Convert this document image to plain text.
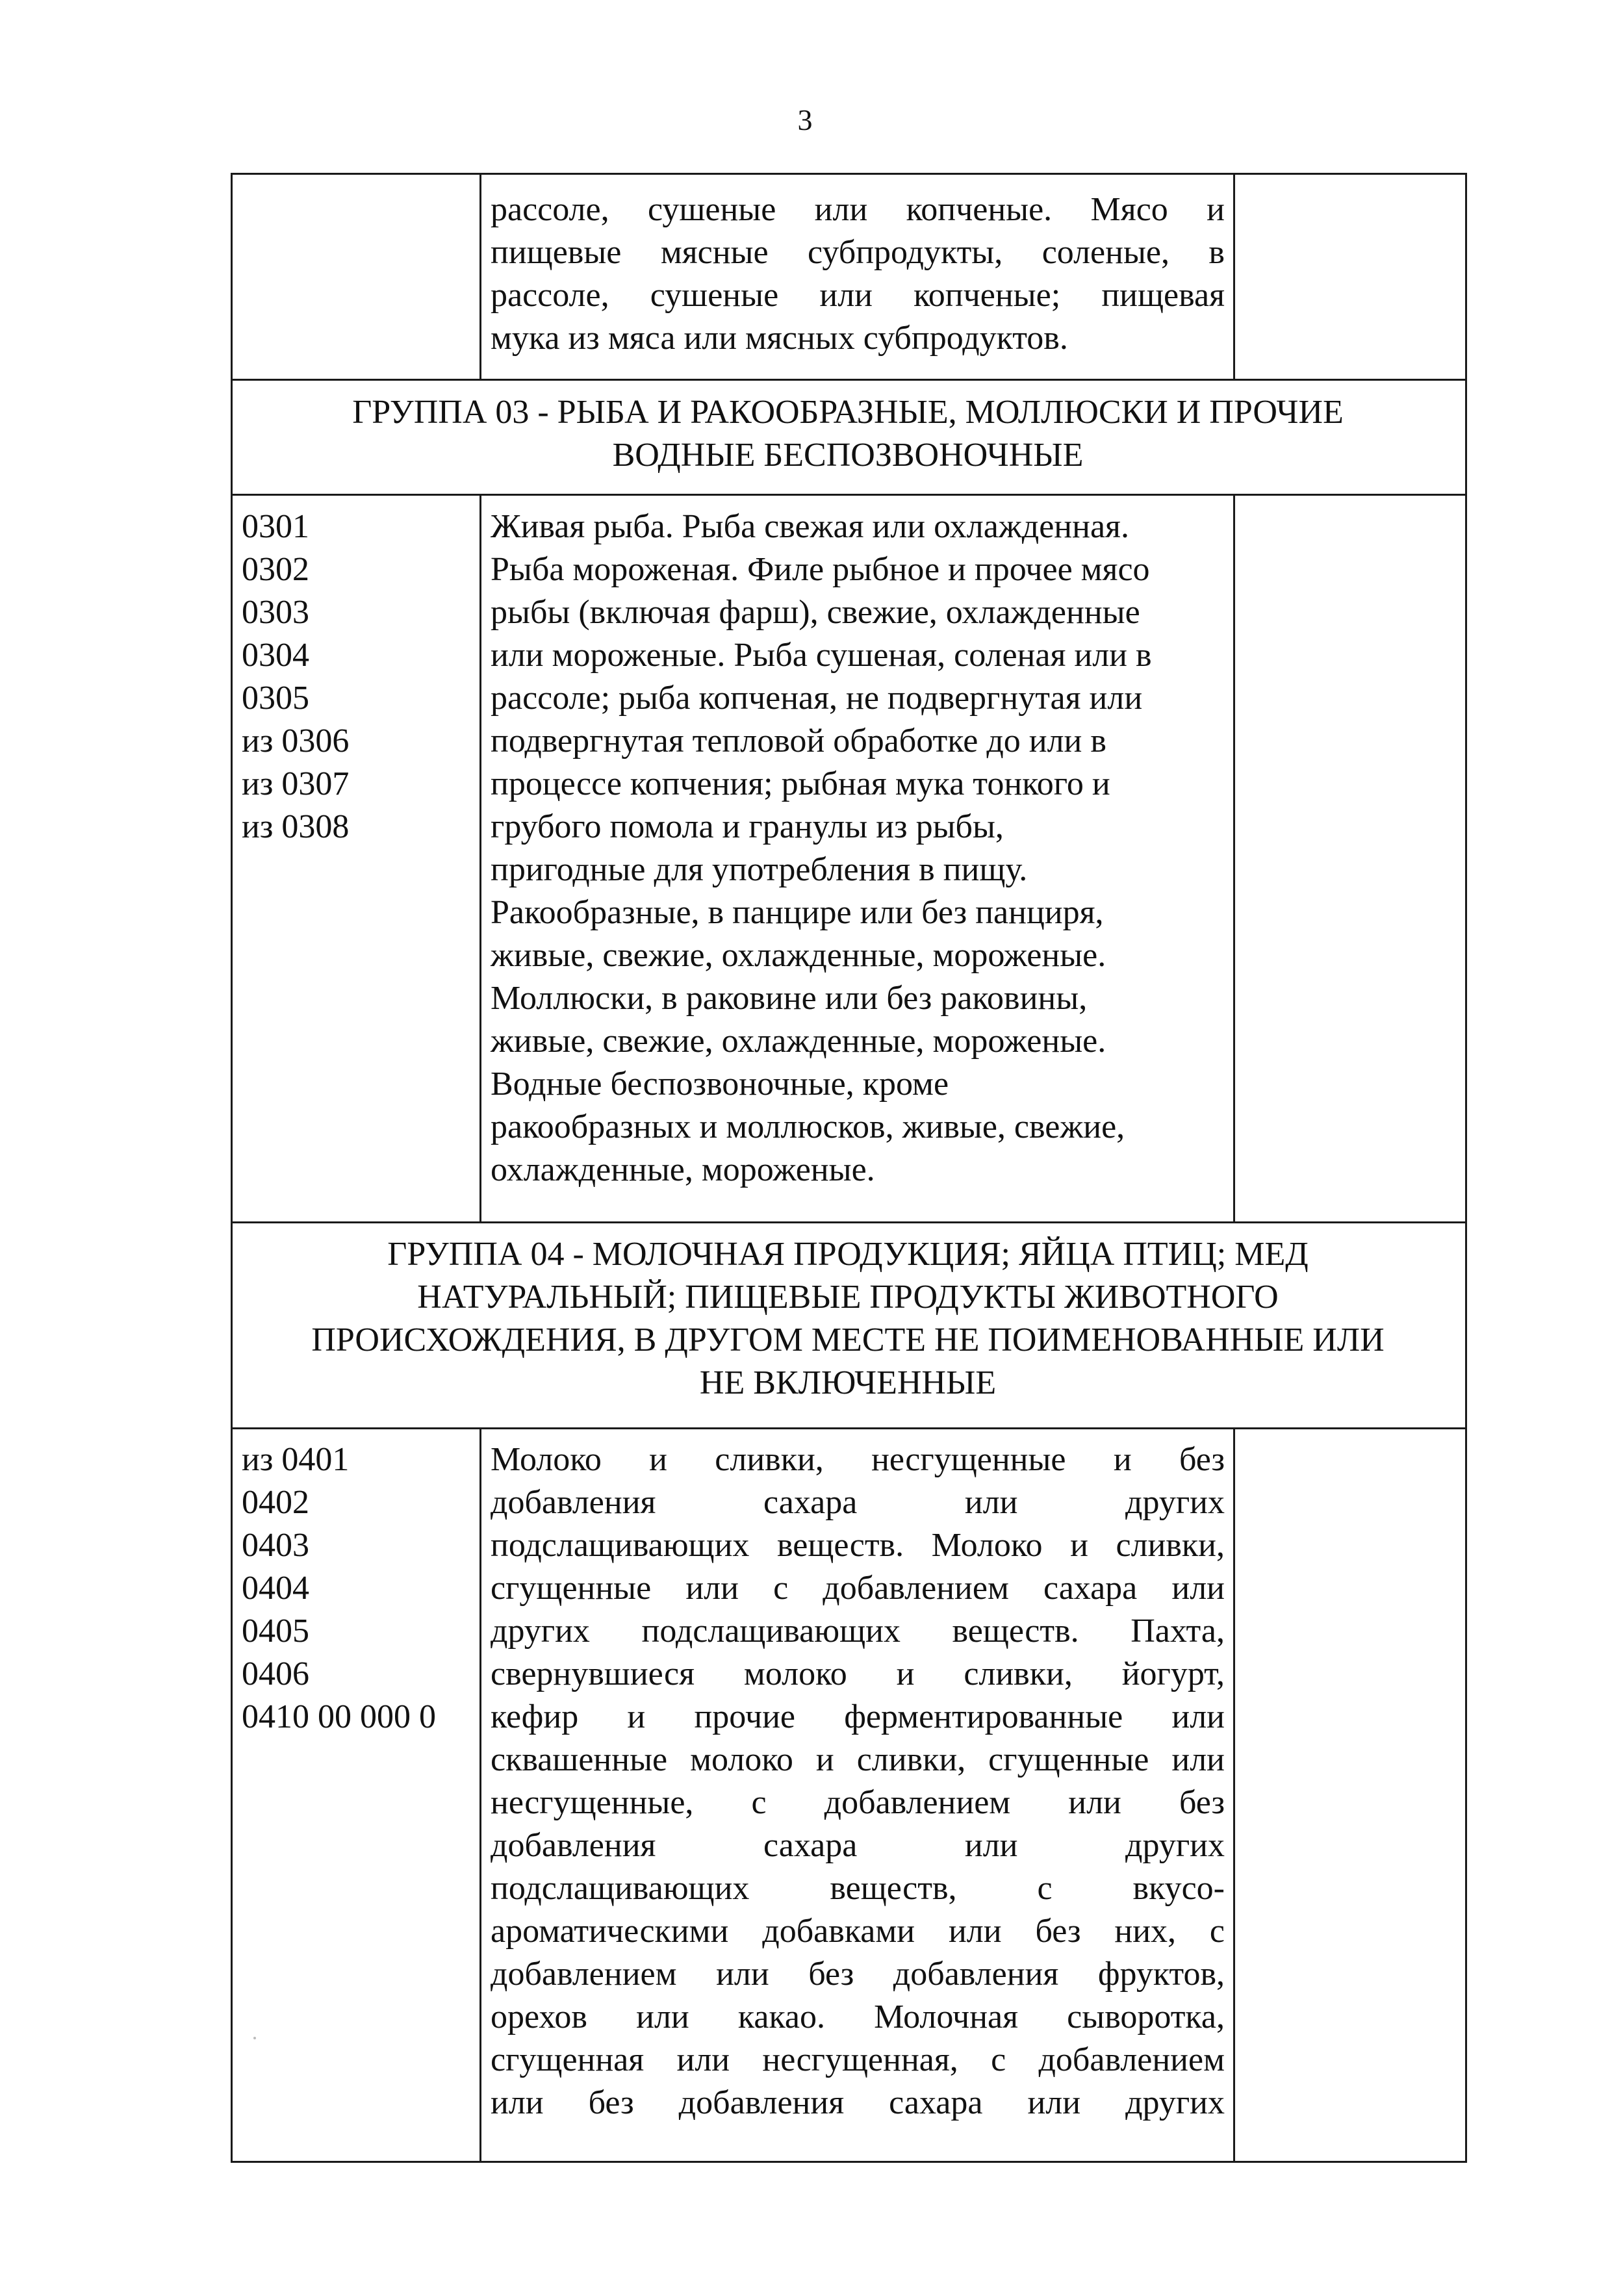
3
рассоле, сушеные или копченые. Мясо и
пищевые мясные субпродукты, соленые, в
рассоле, сушеные или копченые; пищевая
мука из мяса или мясных субпродуктов.
ГРУППА 03 - РЫБА И РАКООБРАЗНЫЕ, МОЛЛЮСКИ И ПРОЧИЕ
ВОДНЫЕ БЕСПОЗВОНОЧНЫЕ
0301
0302
0303
0304
0305
из 0306
из 0307
из 0308
Живая рыба. Рыба свежая или охлажденная.
Рыба мороженая. Филе рыбное и прочее мясо
рыбы (включая фарш), свежие, охлажденные
или мороженые. Рыба сушеная, соленая или в
рассоле; рыба копченая, не подвергнутая или
подвергнутая тепловой обработке до или в
процессе копчения; рыбная мука тонкого и
грубого помола и гранулы из рыбы,
пригодные для употребления в пищу.
Ракообразные, в панцире или без панциря,
живые, свежие, охлажденные, мороженые.
Моллюски, в раковине или без раковины,
живые, свежие, охлажденные, мороженые.
Водные беспозвоночные, кроме
ракообразных и моллюсков, живые, свежие,
охлажденные, мороженые.
ГРУППА 04 - МОЛОЧНАЯ ПРОДУКЦИЯ; ЯЙЦА ПТИЦ; МЕД
НАТУРАЛЬНЫЙ; ПИЩЕВЫЕ ПРОДУКТЫ ЖИВОТНОГО
ПРОИСХОЖДЕНИЯ, В ДРУГОМ МЕСТЕ НЕ ПОИМЕНОВАННЫЕ ИЛИ
НЕ ВКЛЮЧЕННЫЕ
из 0401
0402
0403
0404
0405
0406
0410 00 000 0
Молоко и сливки, несгущенные и без
добавления сахара или других
подслащивающих веществ. Молоко и сливки,
сгущенные или с добавлением сахара или
других подслащивающих веществ. Пахта,
свернувшиеся молоко и сливки, йогурт,
кефир и прочие ферментированные или
сквашенные молоко и сливки, сгущенные или
несгущенные, с добавлением или без
добавления сахара или других
подслащивающих веществ, с вкусо-
ароматическими добавками или без них, с
добавлением или без добавления фруктов,
орехов или какао. Молочная сыворотка,
сгущенная или несгущенная, с добавлением
или без добавления сахара или других
